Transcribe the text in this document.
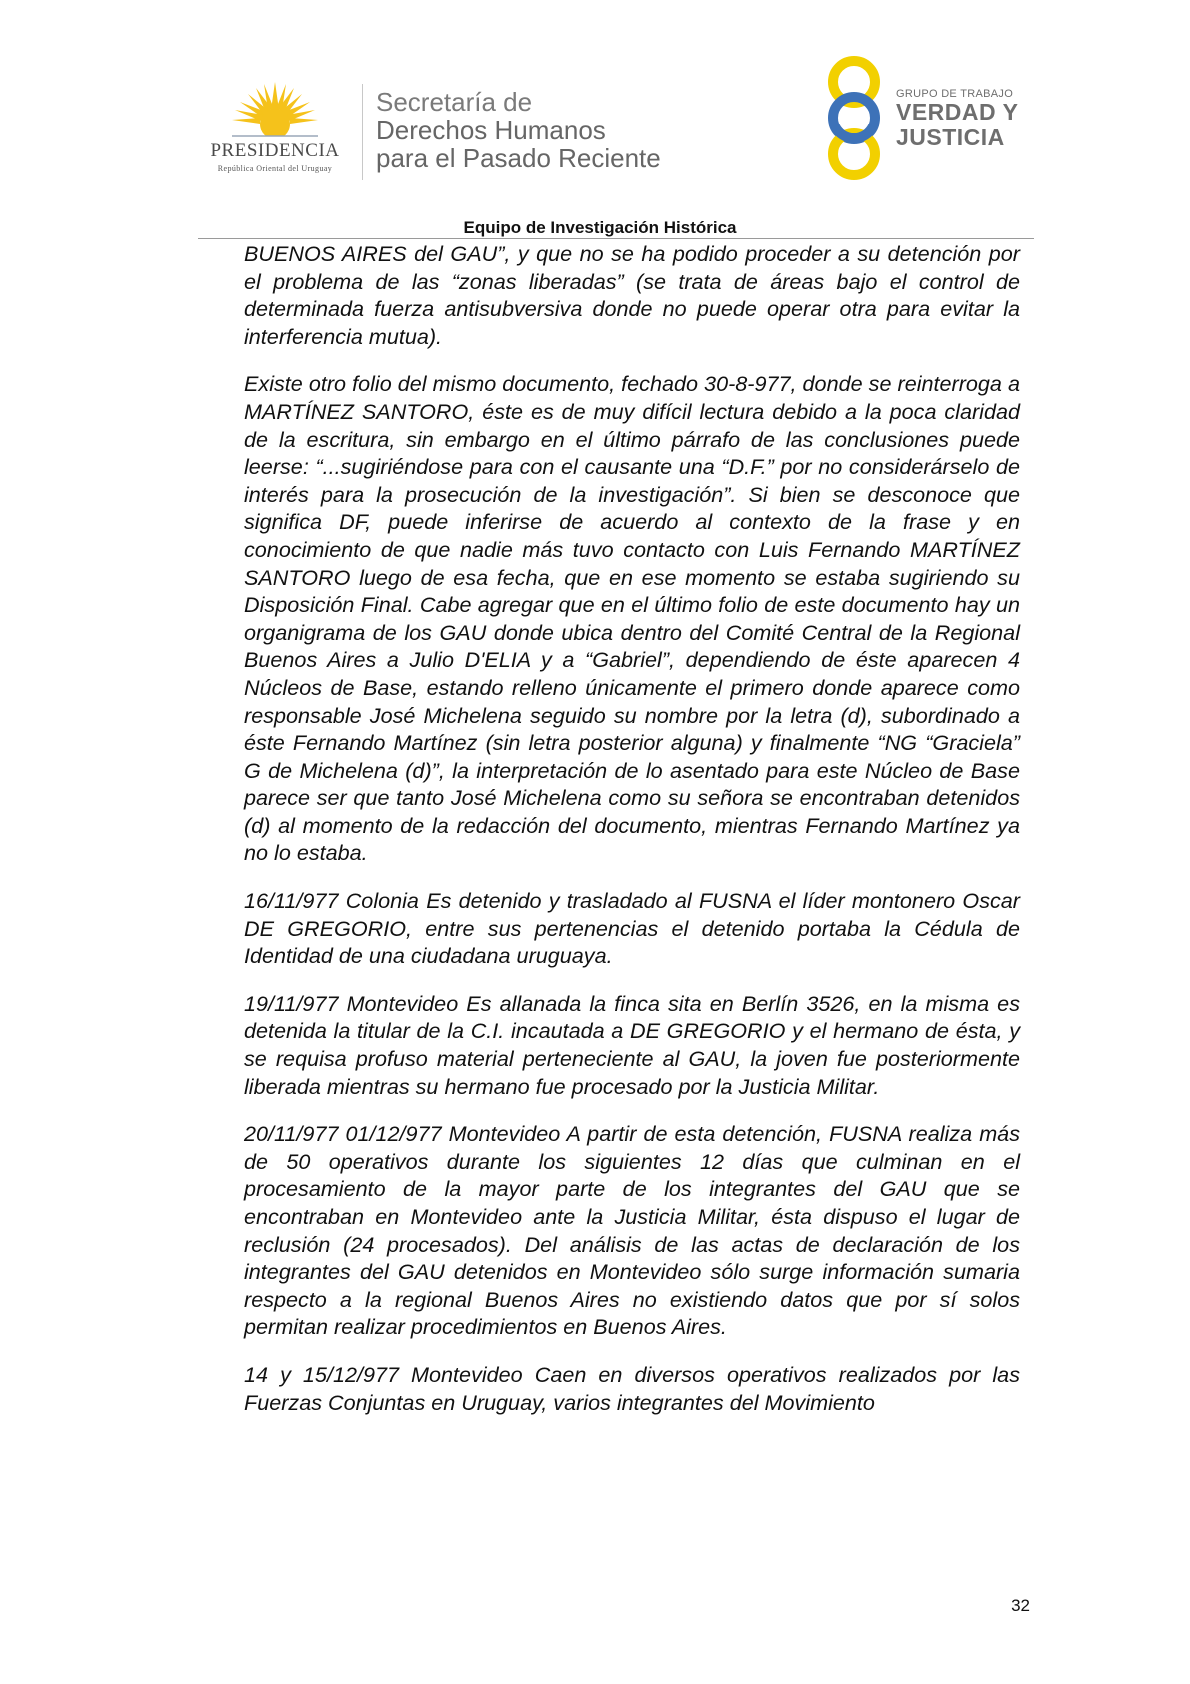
PRESIDENCIA
República Oriental del Uruguay
Secretaría de
Derechos Humanos
para el Pasado Reciente
GRUPO DE TRABAJO
VERDAD Y
JUSTICIA
Equipo de Investigación Histórica

BUENOS AIRES del GAU”, y que no se ha podido proceder a su detención por el problema de las “zonas liberadas” (se trata de áreas bajo el control de determinada fuerza antisubversiva donde no puede operar otra para evitar la interferencia mutua).

Existe otro folio del mismo documento, fechado 30-8-977, donde se reinterroga a MARTÍNEZ SANTORO, éste es de muy difícil lectura debido a la poca claridad de la escritura, sin embargo en el último párrafo de las conclusiones puede leerse: “...sugiriéndose para con el causante una “D.F.” por no considerárselo de interés para la prosecución de la investigación”. Si bien se desconoce que significa DF, puede inferirse de acuerdo al contexto de la frase y en conocimiento de que nadie más tuvo contacto con Luis Fernando MARTÍNEZ SANTORO luego de esa fecha, que en ese momento se estaba sugiriendo su Disposición Final. Cabe agregar que en el último folio de este documento hay un organigrama de los GAU donde ubica dentro del Comité Central de la Regional Buenos Aires a Julio D'ELIA y a “Gabriel”, dependiendo de éste aparecen 4 Núcleos de Base, estando relleno únicamente el primero donde aparece como responsable José Michelena seguido su nombre por la letra (d), subordinado a éste Fernando Martínez (sin letra posterior alguna) y finalmente “NG “Graciela” G de Michelena (d)”, la interpretación de lo asentado para este Núcleo de Base parece ser que tanto José Michelena como su señora se encontraban detenidos (d) al momento de la redacción del documento, mientras Fernando Martínez ya no lo estaba.

16/11/977 Colonia Es detenido y trasladado al FUSNA el líder montonero Oscar DE GREGORIO, entre sus pertenencias el detenido portaba la Cédula de Identidad de una ciudadana uruguaya.

19/11/977 Montevideo Es allanada la finca sita en Berlín 3526, en la misma es detenida la titular de la C.I. incautada a DE GREGORIO y el hermano de ésta, y se requisa profuso material perteneciente al GAU, la joven fue posteriormente liberada mientras su hermano fue procesado por la Justicia Militar.

20/11/977 01/12/977 Montevideo A partir de esta detención, FUSNA realiza más de 50 operativos durante los siguientes 12 días que culminan en el procesamiento de la mayor parte de los integrantes del GAU que se encontraban en Montevideo ante la Justicia Militar, ésta dispuso el lugar de reclusión (24 procesados). Del análisis de las actas de declaración de los integrantes del GAU detenidos en Montevideo sólo surge información sumaria respecto a la regional Buenos Aires no existiendo datos que por sí solos permitan realizar procedimientos en Buenos Aires.

14 y 15/12/977 Montevideo Caen en diversos operativos realizados por las Fuerzas Conjuntas en Uruguay, varios integrantes del Movimiento

32
